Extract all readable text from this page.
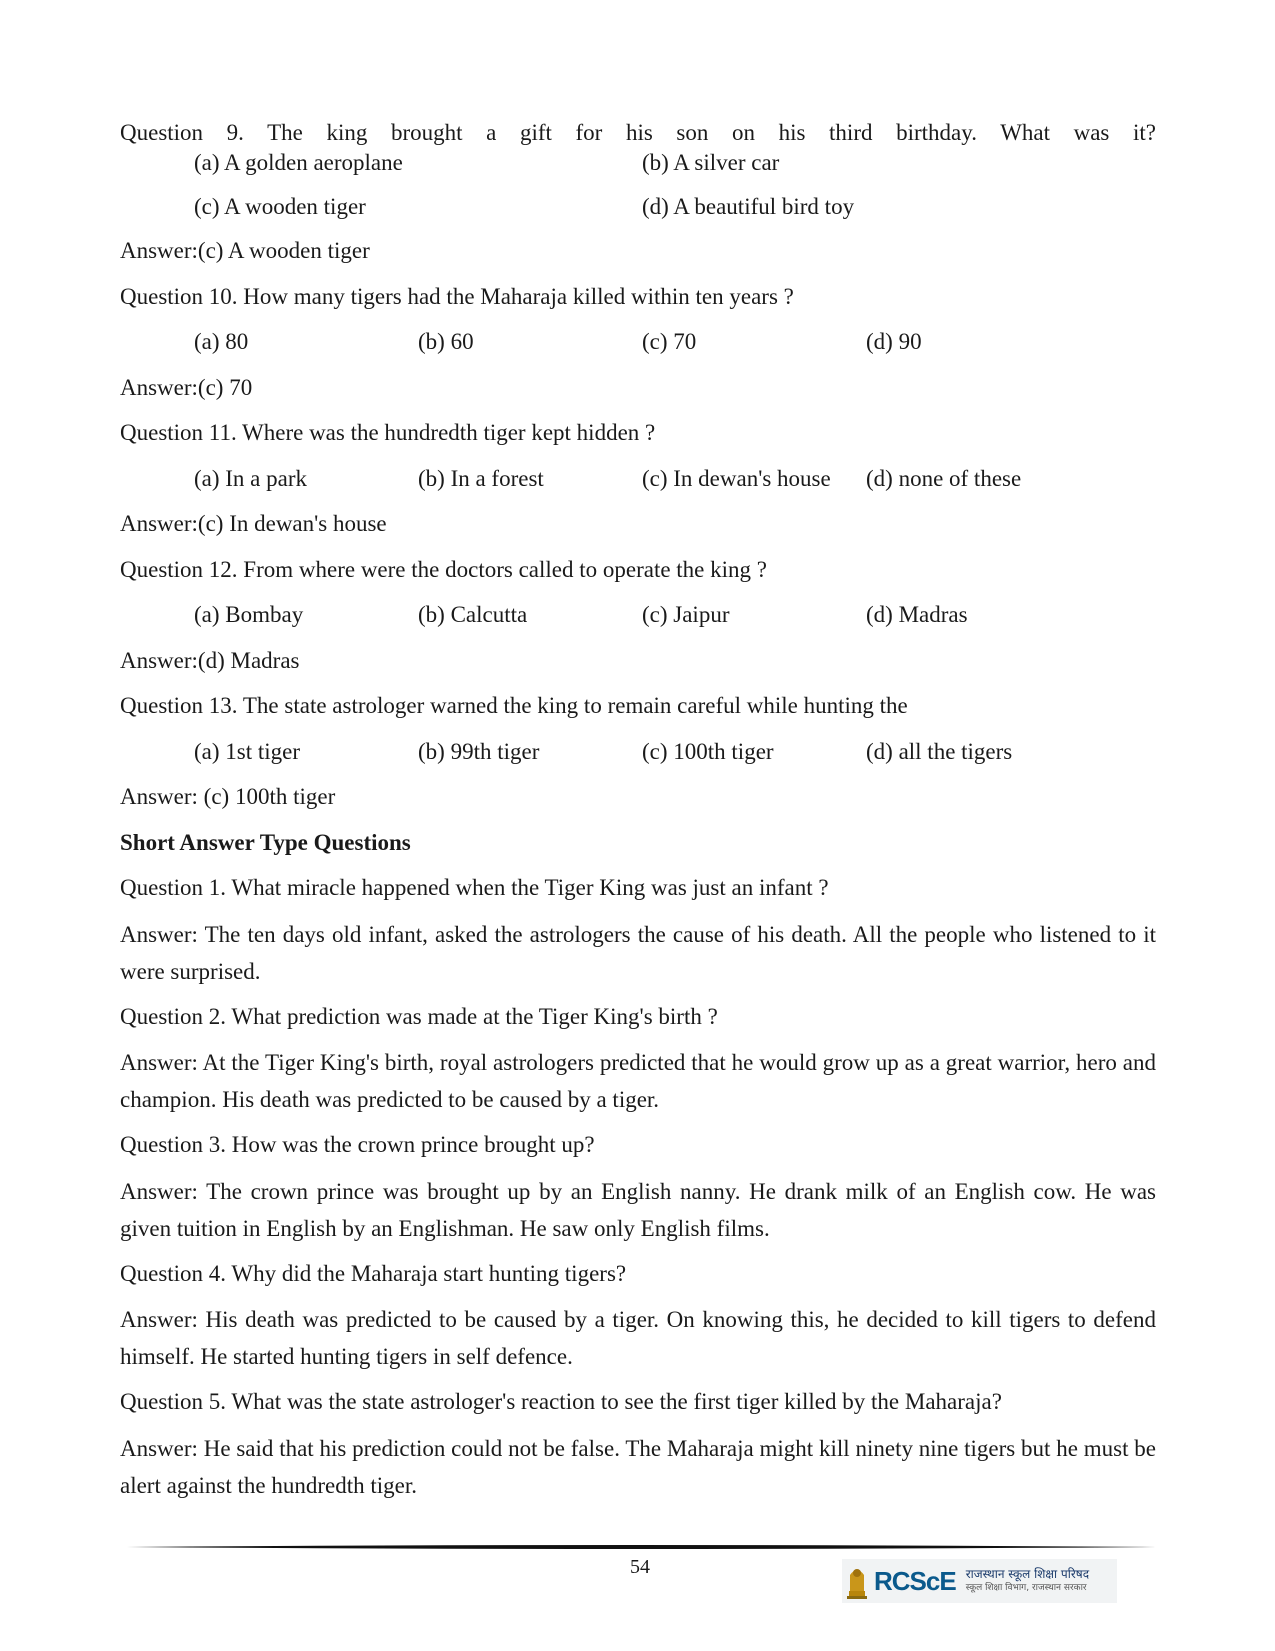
Question 9. The king brought a gift for his son on his third birthday. What was it?

(a) A golden aeroplane	(b) A silver car
(c) A wooden tiger	(d) A beautiful bird toy

Answer:(c) A wooden tiger

Question 10. How many tigers had the Maharaja killed within ten years ?

(a) 80	(b) 60	(c) 70	(d) 90

Answer:(c) 70

Question 11. Where was the hundredth tiger kept hidden ?

(a) In a park	(b) In a forest	(c) In dewan's house (d) none of these

Answer:(c) In dewan's house

Question 12. From where were the doctors called to operate the king ?

(a) Bombay	(b) Calcutta	(c) Jaipur	(d) Madras

Answer:(d) Madras

Question 13. The state astrologer warned the king to remain careful while hunting the

(a) 1st tiger	(b) 99th tiger	(c) 100th tiger	(d) all the tigers

Answer: (c) 100th tiger

Short Answer Type Questions

Question 1. What miracle happened when the Tiger King was just an infant ?

Answer: The ten days old infant, asked the astrologers the cause of his death. All the people who listened to it were surprised.

Question 2. What prediction was made at the Tiger King's birth ?

Answer: At the Tiger King's birth, royal astrologers predicted that he would grow up as a great warrior, hero and champion. His death was predicted to be caused by a tiger.

Question 3. How was the crown prince brought up?

Answer: The crown prince was brought up by an English nanny. He drank milk of an English cow. He was given tuition in English by an Englishman. He saw only English films.

Question 4. Why did the Maharaja start hunting tigers?

Answer: His death was predicted to be caused by a tiger. On knowing this, he decided to kill tigers to defend himself. He started hunting tigers in self defence.

Question 5. What was the state astrologer's reaction to see the first tiger killed by the Maharaja?

Answer: He said that his prediction could not be false. The Maharaja might kill ninety nine tigers but he must be alert against the hundredth tiger.

54	RCScE राजस्थान स्कूल शिक्षा परिषद
स्कूल शिक्षा विभाग, राजस्थान सरकार
